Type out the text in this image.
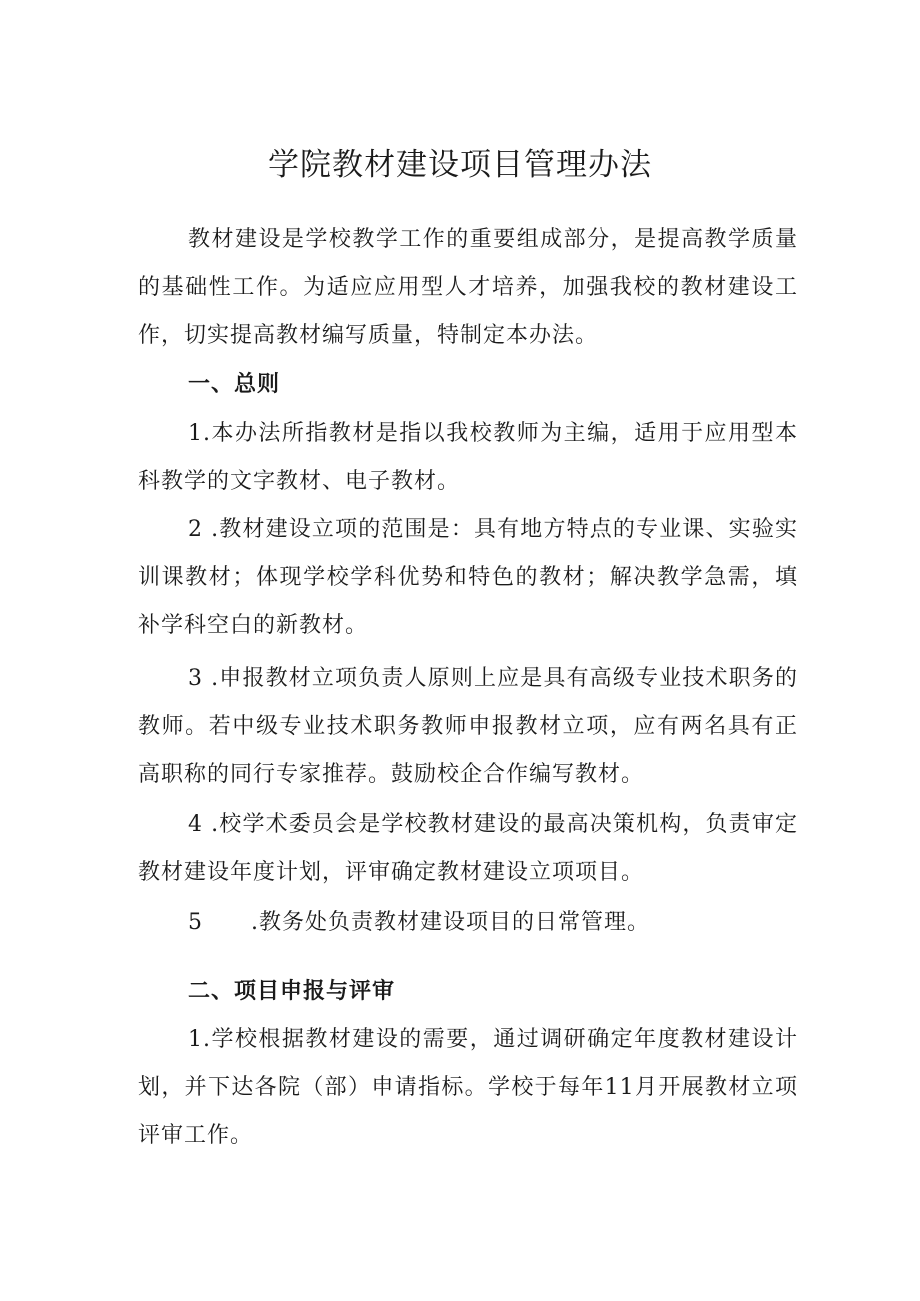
学院教材建设项目管理办法

教材建设是学校教学工作的重要组成部分，是提高教学质量的基础性工作。为适应应用型人才培养，加强我校的教材建设工作，切实提高教材编写质量，特制定本办法。

一、总则

1.本办法所指教材是指以我校教师为主编，适用于应用型本科教学的文字教材、电子教材。

2 .教材建设立项的范围是：具有地方特点的专业课、实验实训课教材；体现学校学科优势和特色的教材；解决教学急需，填补学科空白的新教材。

3 .申报教材立项负责人原则上应是具有高级专业技术职务的教师。若中级专业技术职务教师申报教材立项，应有两名具有正高职称的同行专家推荐。鼓励校企合作编写教材。

4 .校学术委员会是学校教材建设的最高决策机构，负责审定教材建设年度计划，评审确定教材建设立项项目。

5 .教务处负责教材建设项目的日常管理。

二、项目申报与评审

1.学校根据教材建设的需要，通过调研确定年度教材建设计划，并下达各院（部）申请指标。学校于每年11月开展教材立项评审工作。
